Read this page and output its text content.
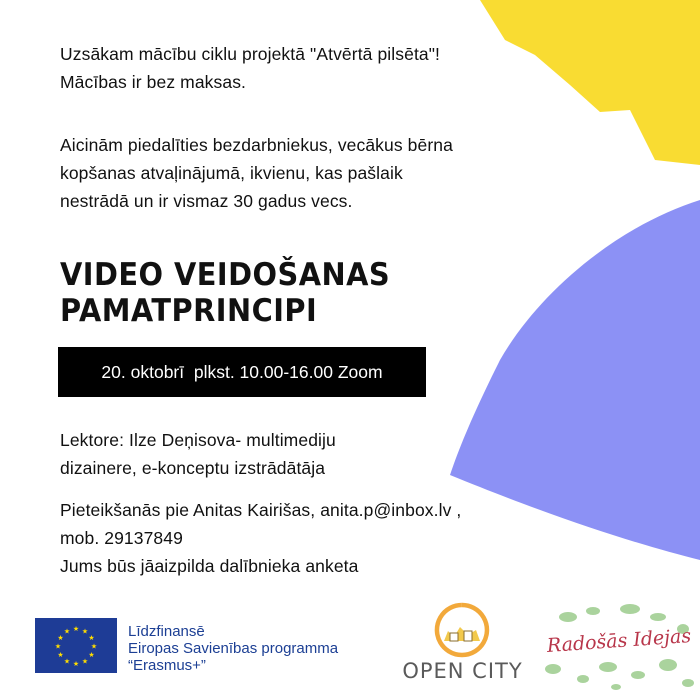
Uzsākam mācību ciklu projektā "Atvērtā pilsēta"!
Mācības ir bez maksas.

Aicinām piedalīties bezdarbniekus, vecākus bērna
kopšanas atvaļinājumā, ikvienu, kas pašlaik
nestrādā un ir vismaz 30 gadus vecs.

VIDEO VEIDOŠANAS
PAMATPRINCIPI
20. oktobrī  plkst. 10.00-16.00 Zoom

Lektore: Ilze Deņisova- multimediju
dizainere, e-konceptu izstrādātāja

Pieteikšanās pie Anitas Kairišas, anita.p@inbox.lv ,
mob. 29137849
Jums būs jāaizpilda dalībnieka anketa

★ ★
★
★
★
★
★
★
★
★
★
★	Līdzfinansē
Eiropas Savienības programma
“Erasmus+”	OPEN CITY
Radošās Idejas
